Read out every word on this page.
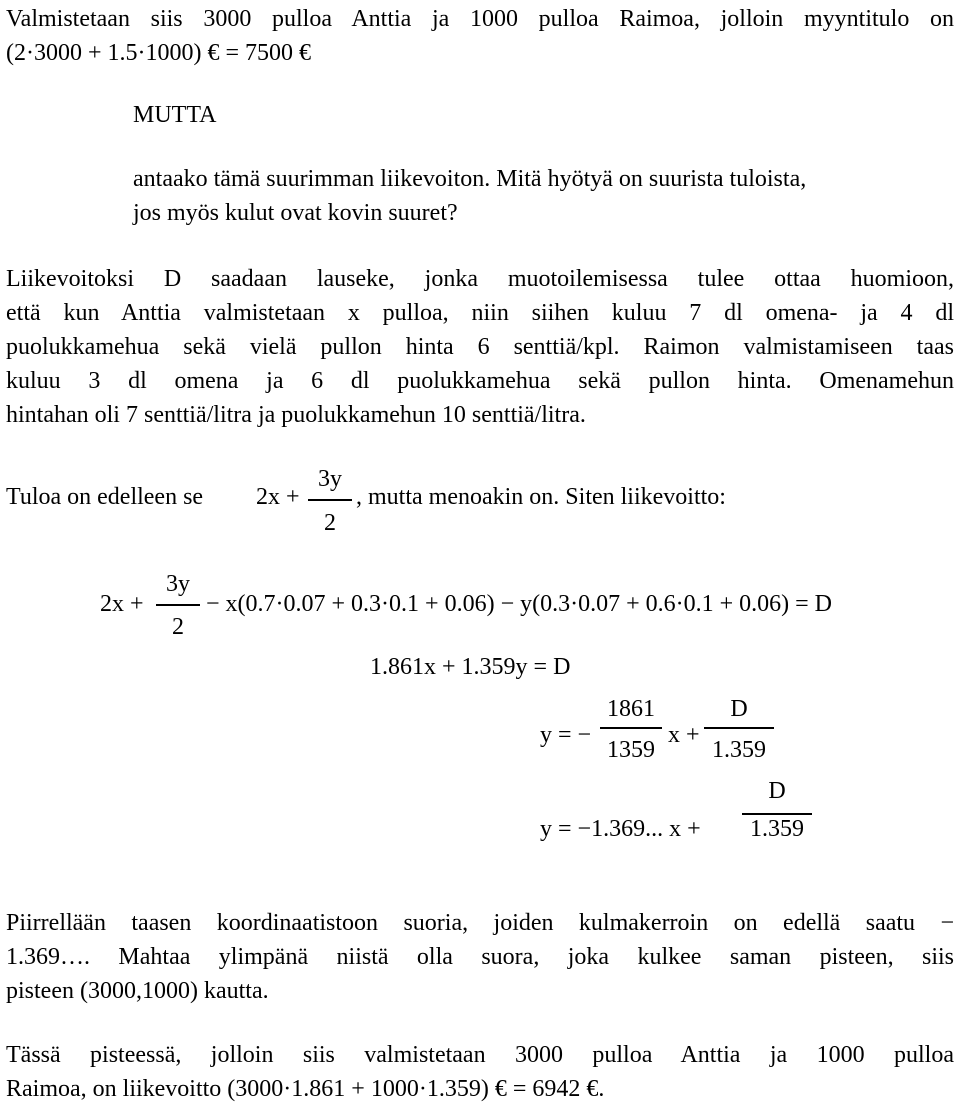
Valmistetaan siis 3000 pulloa Anttia ja 1000 pulloa Raimoa, jolloin myyntitulo on
(2·3000 + 1.5·1000) € = 7500 €
MUTTA
antaako tämä suurimman liikevoiton. Mitä hyötyä on suurista tuloista,
jos myös kulut ovat kovin suuret?
Liikevoitoksi D saadaan lauseke, jonka muotoilemisessa tulee ottaa huomioon,
että kun Anttia valmistetaan x pulloa, niin siihen kuluu 7 dl omena- ja 4 dl
puolukkamehua sekä vielä pullon hinta 6 senttiä/kpl. Raimon valmistamiseen taas
kuluu 3 dl omena ja 6 dl puolukkamehua sekä pullon hinta. Omenamehun
hintahan oli 7 senttiä/litra ja puolukkamehun 10 senttiä/litra.
Tuloa on edelleen se 2x +
3y
2
, mutta menoakin on. Siten liikevoitto:
2x +
3y
2
− x(0.7·0.07 + 0.3·0.1 + 0.06) − y(0.3·0.07 + 0.6·0.1 + 0.06) = D
1.861x + 1.359y = D
y = −
1861
1359
x +
D
1.359
y = −1.369... x +
D
1.359
Piirrellään taasen koordinaatistoon suoria, joiden kulmakerroin on edellä saatu −
1.369…. Mahtaa ylimpänä niistä olla suora, joka kulkee saman pisteen, siis
pisteen (3000,1000) kautta.
Tässä pisteessä, jolloin siis valmistetaan 3000 pulloa Anttia ja 1000 pulloa
Raimoa, on liikevoitto (3000·1.861 + 1000·1.359) € = 6942 €.
